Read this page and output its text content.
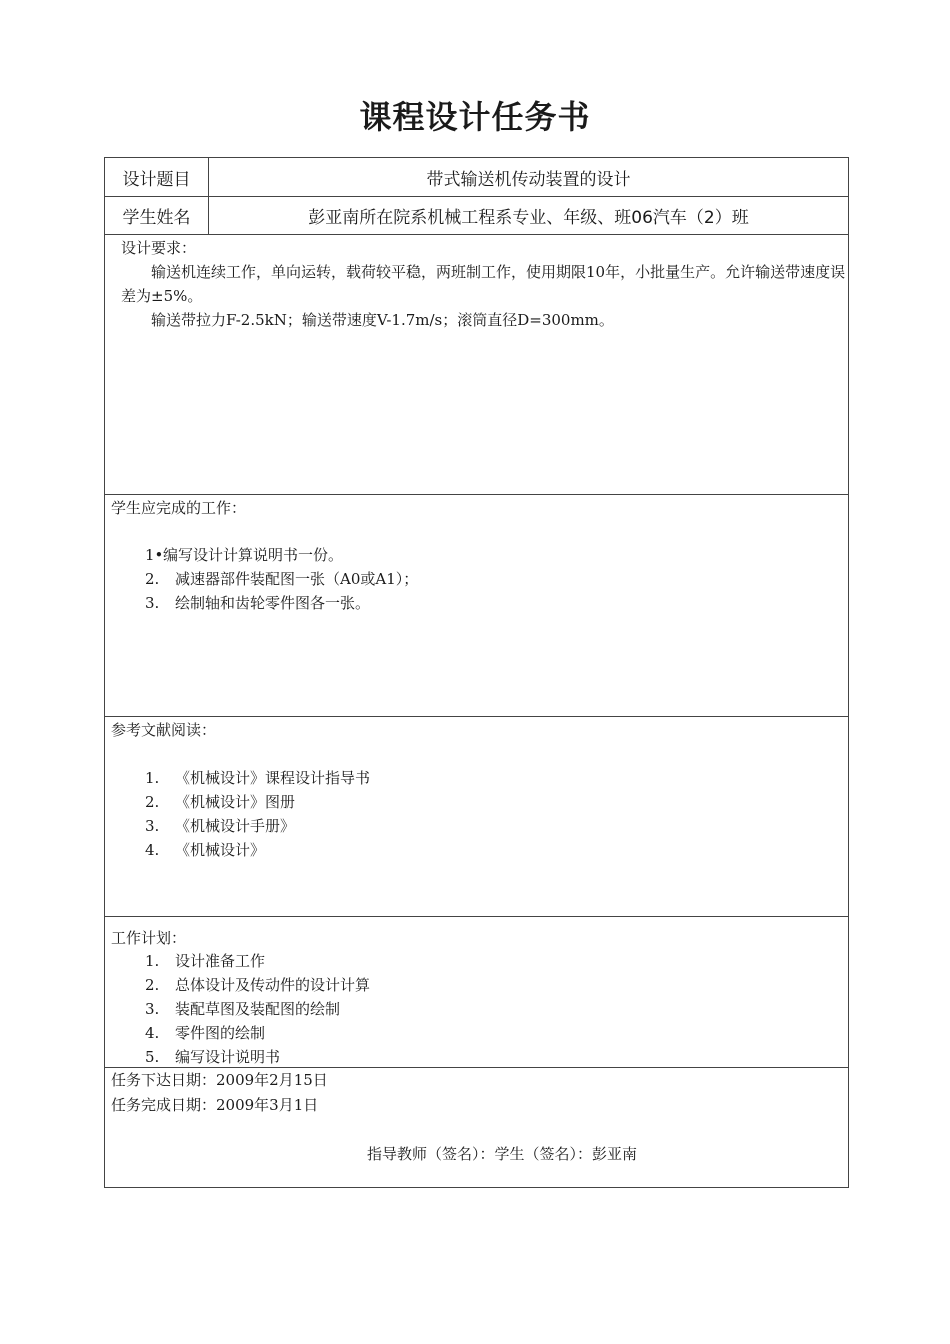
课程设计任务书
设计题目	带式输送机传动装置的设计
学生姓名	彭亚南所在院系机械工程系专业、年级、班06汽车（2）班
设计要求：
输送机连续工作，单向运转，载荷较平稳，两班制工作，使用期限10年，小批量生产。允许输送带速度误差为±5%。
输送带拉力F-2.5kN；输送带速度V-1.7m/s；滚筒直径D=300mm。
学生应完成的工作：
1•编写设计计算说明书一份。
2. 减速器部件装配图一张（A0或A1）；
3. 绘制轴和齿轮零件图各一张。
参考文献阅读：
1. 《机械设计》课程设计指导书
2. 《机械设计》图册
3. 《机械设计手册》
4. 《机械设计》
工作计划：
1. 设计准备工作
2. 总体设计及传动件的设计计算
3. 装配草图及装配图的绘制
4. 零件图的绘制
5. 编写设计说明书
任务下达日期：2009年2月15日
任务完成日期：2009年3月1日
指导教师（签名）：学生（签名）：彭亚南
